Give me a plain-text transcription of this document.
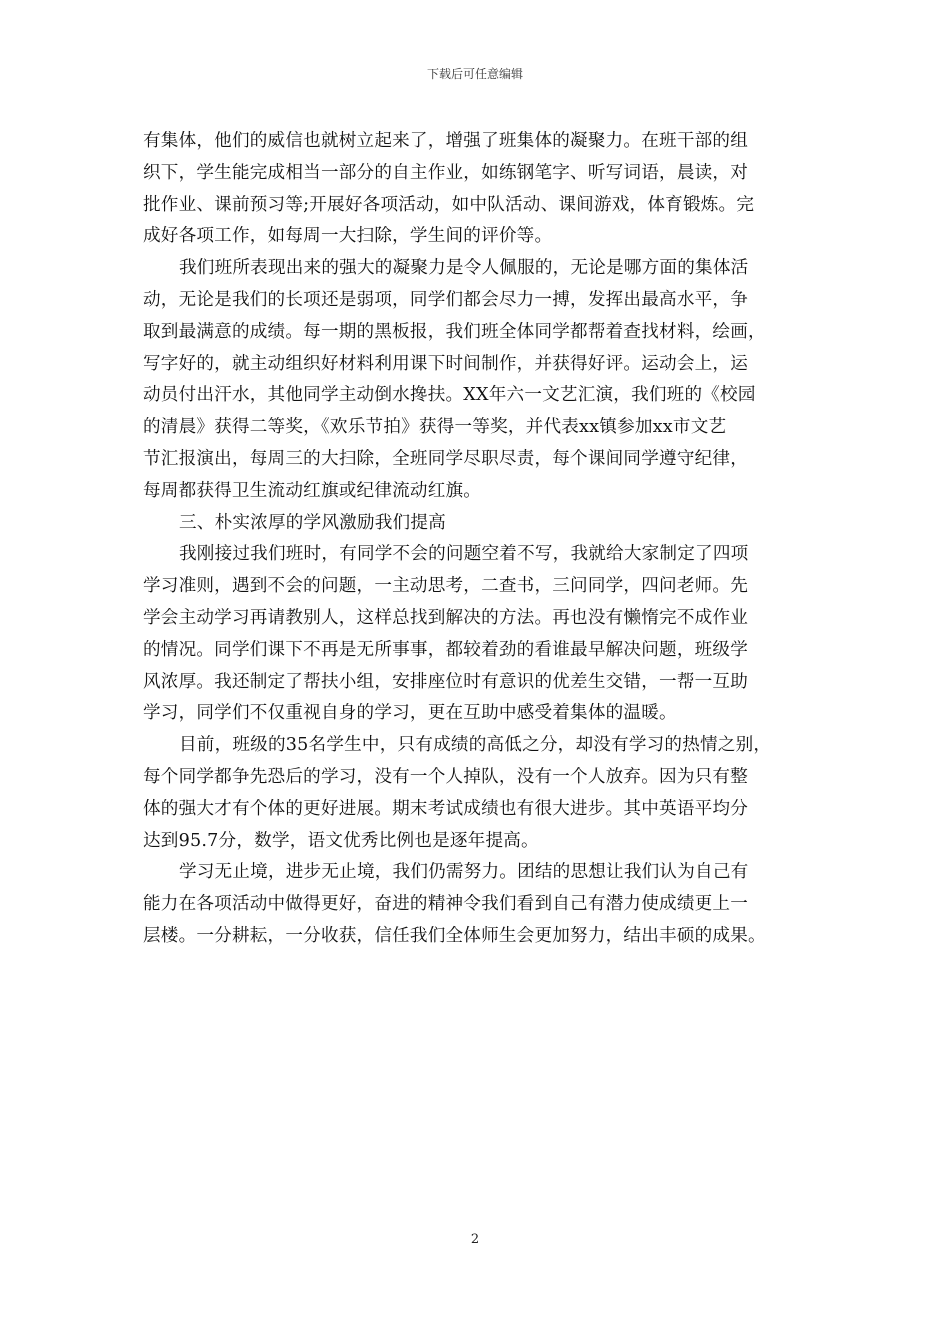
下载后可任意编辑
有集体，他们的威信也就树立起来了，增强了班集体的凝聚力。在班干部的组
织下，学生能完成相当一部分的自主作业，如练钢笔字、听写词语，晨读，对
批作业、课前预习等;开展好各项活动，如中队活动、课间游戏，体育锻炼。完
成好各项工作，如每周一大扫除，学生间的评价等。
我们班所表现出来的强大的凝聚力是令人佩服的，无论是哪方面的集体活
动，无论是我们的长项还是弱项，同学们都会尽力一搏，发挥出最高水平，争
取到最满意的成绩。每一期的黑板报，我们班全体同学都帮着查找材料，绘画，
写字好的，就主动组织好材料利用课下时间制作，并获得好评。运动会上，运
动员付出汗水，其他同学主动倒水搀扶。XX年六一文艺汇演，我们班的《校园
的清晨》获得二等奖，《欢乐节拍》获得一等奖，并代表xx镇参加xx市文艺
节汇报演出，每周三的大扫除，全班同学尽职尽责，每个课间同学遵守纪律，
每周都获得卫生流动红旗或纪律流动红旗。
三、朴实浓厚的学风激励我们提高
我刚接过我们班时，有同学不会的问题空着不写，我就给大家制定了四项
学习准则，遇到不会的问题，一主动思考，二查书，三问同学，四问老师。先
学会主动学习再请教别人，这样总找到解决的方法。再也没有懒惰完不成作业
的情况。同学们课下不再是无所事事，都较着劲的看谁最早解决问题，班级学
风浓厚。我还制定了帮扶小组，安排座位时有意识的优差生交错，一帮一互助
学习，同学们不仅重视自身的学习，更在互助中感受着集体的温暖。
目前，班级的35名学生中，只有成绩的高低之分，却没有学习的热情之别，
每个同学都争先恐后的学习，没有一个人掉队，没有一个人放弃。因为只有整
体的强大才有个体的更好进展。期末考试成绩也有很大进步。其中英语平均分
达到95.7分，数学，语文优秀比例也是逐年提高。
学习无止境，进步无止境，我们仍需努力。团结的思想让我们认为自己有
能力在各项活动中做得更好，奋进的精神令我们看到自己有潜力使成绩更上一
层楼。一分耕耘，一分收获，信任我们全体师生会更加努力，结出丰硕的成果。
2
